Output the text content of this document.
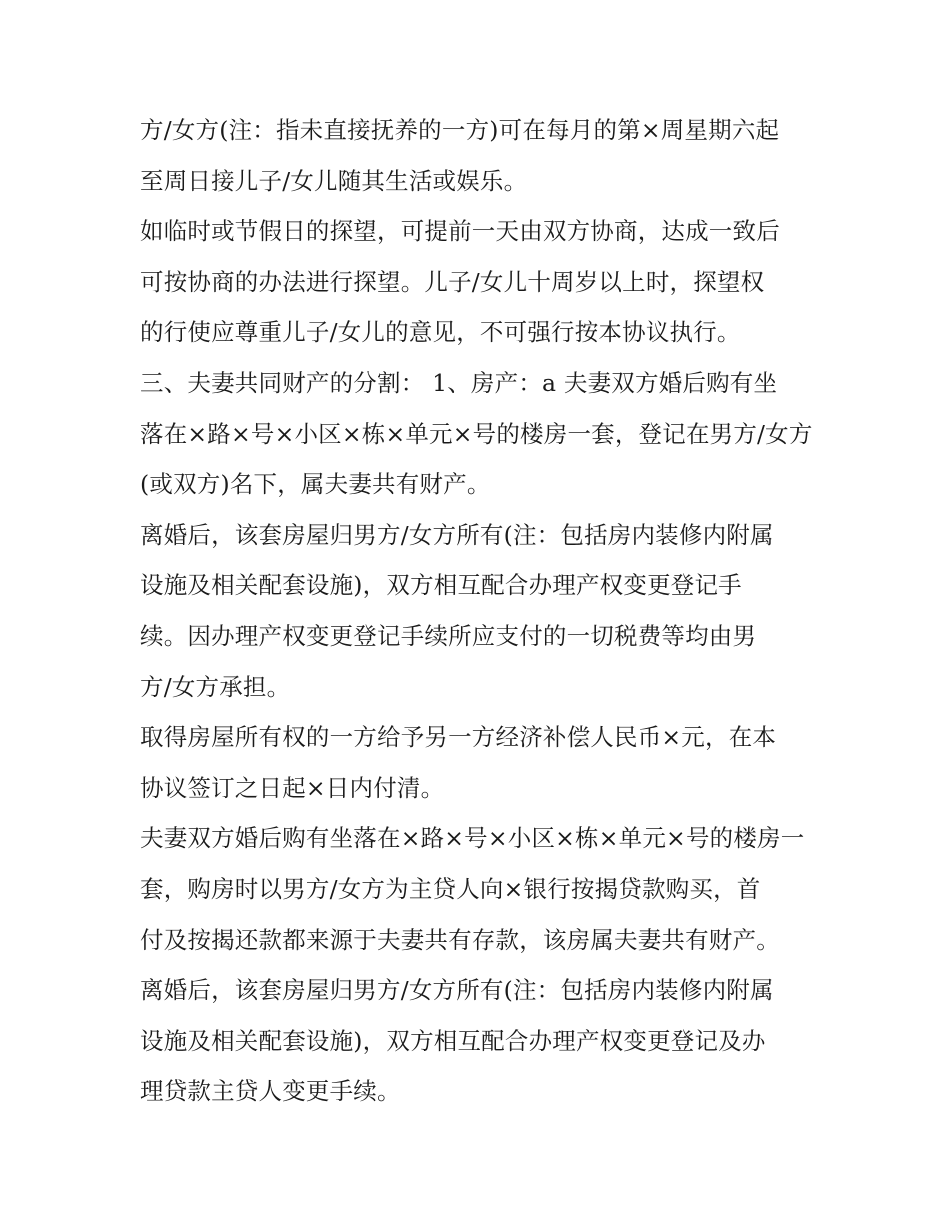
方/女方(注：指未直接抚养的一方)可在每月的第×周星期六起
至周日接儿子/女儿随其生活或娱乐。
如临时或节假日的探望，可提前一天由双方协商，达成一致后
可按协商的办法进行探望。儿子/女儿十周岁以上时，探望权
的行使应尊重儿子/女儿的意见，不可强行按本协议执行。
三、夫妻共同财产的分割： 1、房产：a 夫妻双方婚后购有坐
落在×路×号×小区×栋×单元×号的楼房一套，登记在男方/女方
(或双方)名下，属夫妻共有财产。
离婚后，该套房屋归男方/女方所有(注：包括房内装修内附属
设施及相关配套设施)，双方相互配合办理产权变更登记手
续。因办理产权变更登记手续所应支付的一切税费等均由男
方/女方承担。
取得房屋所有权的一方给予另一方经济补偿人民币×元，在本
协议签订之日起×日内付清。
夫妻双方婚后购有坐落在×路×号×小区×栋×单元×号的楼房一
套，购房时以男方/女方为主贷人向×银行按揭贷款购买，首
付及按揭还款都来源于夫妻共有存款，该房属夫妻共有财产。
离婚后，该套房屋归男方/女方所有(注：包括房内装修内附属
设施及相关配套设施)，双方相互配合办理产权变更登记及办
理贷款主贷人变更手续。
